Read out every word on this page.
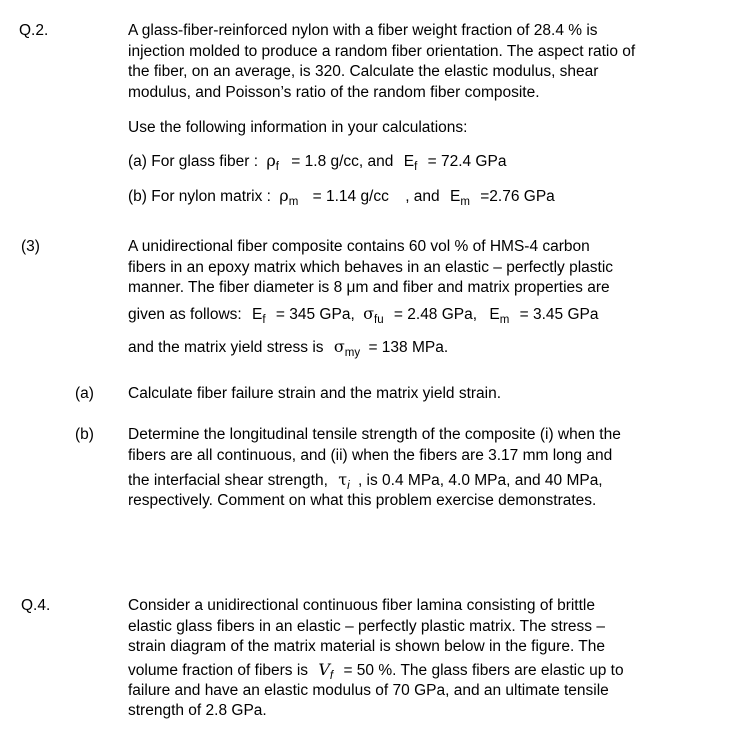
Q.2.	A glass-fiber-reinforced nylon with a fiber weight fraction of 28.4 % is
injection molded to produce a random fiber orientation. The aspect ratio of
the fiber, on an average, is 320. Calculate the elastic modulus, shear
modulus, and Poisson’s ratio of the random fiber composite.
Use the following information in your calculations:
(a) For glass fiber : $\rho_f = 1.8$ g/cc, and $E_f = 72.4$ GPa
(b) For nylon matrix : $\rho_m = 1.14$ g/cc , and $E_m =2.76$ GPa
(3)	A unidirectional fiber composite contains 60 vol % of HMS-4 carbon
fibers in an epoxy matrix which behaves in an elastic – perfectly plastic
manner. The fiber diameter is 8 μm and fiber and matrix properties are
given as follows: $E_f = 345$ GPa, $\sigma_{fu} = 2.48$ GPa, $E_m = 3.45$ GPa
and the matrix yield stress is $\sigma_{my} = 138$ MPa.
(a) Calculate fiber failure strain and the matrix yield strain.
(b) Determine the longitudinal tensile strength of the composite (i) when the
fibers are all continuous, and (ii) when the fibers are 3.17 mm long and
the interfacial shear strength, $\tau_i$ , is 0.4 MPa, 4.0 MPa, and 40 MPa,
respectively. Comment on what this problem exercise demonstrates.
Q.4.	Consider a unidirectional continuous fiber lamina consisting of brittle
elastic glass fibers in an elastic – perfectly plastic matrix. The stress –
strain diagram of the matrix material is shown below in the figure. The
volume fraction of fibers is $V_f = 50$ %. The glass fibers are elastic up to
failure and have an elastic modulus of 70 GPa, and an ultimate tensile
strength of 2.8 GPa.
